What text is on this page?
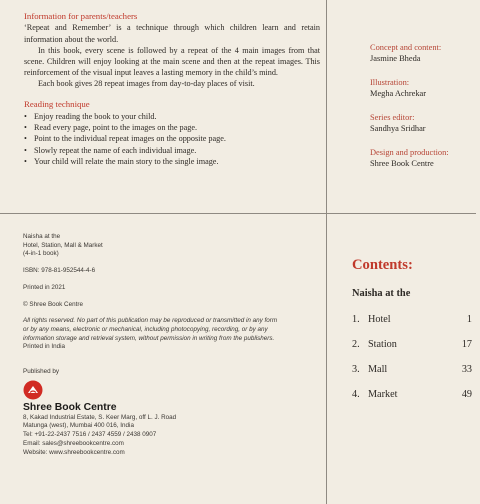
Information for parents/teachers

‘Repeat and Remember’ is a technique through which children learn and retain information about the world.

In this book, every scene is followed by a repeat of the 4 main images from that scene. Children will enjoy looking at the main scene and then at the repeat images. This reinforcement of the visual input leaves a lasting memory in the child’s mind.

Each book gives 28 repeat images from day-to-day places of visit.

Reading technique
• Enjoy reading the book to your child.
• Read every page, point to the images on the page.
• Point to the individual repeat images on the opposite page.
• Slowly repeat the name of each individual image.
• Your child will relate the main story to the single image.
Concept and content:
Jasmine Bheda
Illustration:
Megha Achrekar
Series editor:
Sandhya Sridhar
Design and production:
Shree Book Centre
Naisha at the
Hotel, Station, Mall & Market
(4-in-1 book)
ISBN: 978-81-952544-4-6
Printed in 2021
© Shree Book Centre
All rights reserved. No part of this publication may be reproduced or transmitted in any form
or by any means, electronic or mechanical, including photocopying, recording, or by any
information storage and retrieval system, without permission in writing from the publishers.
Printed in India
Published by
Shree Book Centre
8, Kakad Industrial Estate, S. Keer Marg, off L. J. Road
Matunga (west), Mumbai 400 016, India
Tel: +91-22-2437 7516 / 2437 4559 / 2438 0907
Email: sales@shreebookcentre.com
Website: www.shreebookcentre.com
Contents:
Naisha at the
1. Hotel	1
2. Station	17
3. Mall	33
4. Market	49
